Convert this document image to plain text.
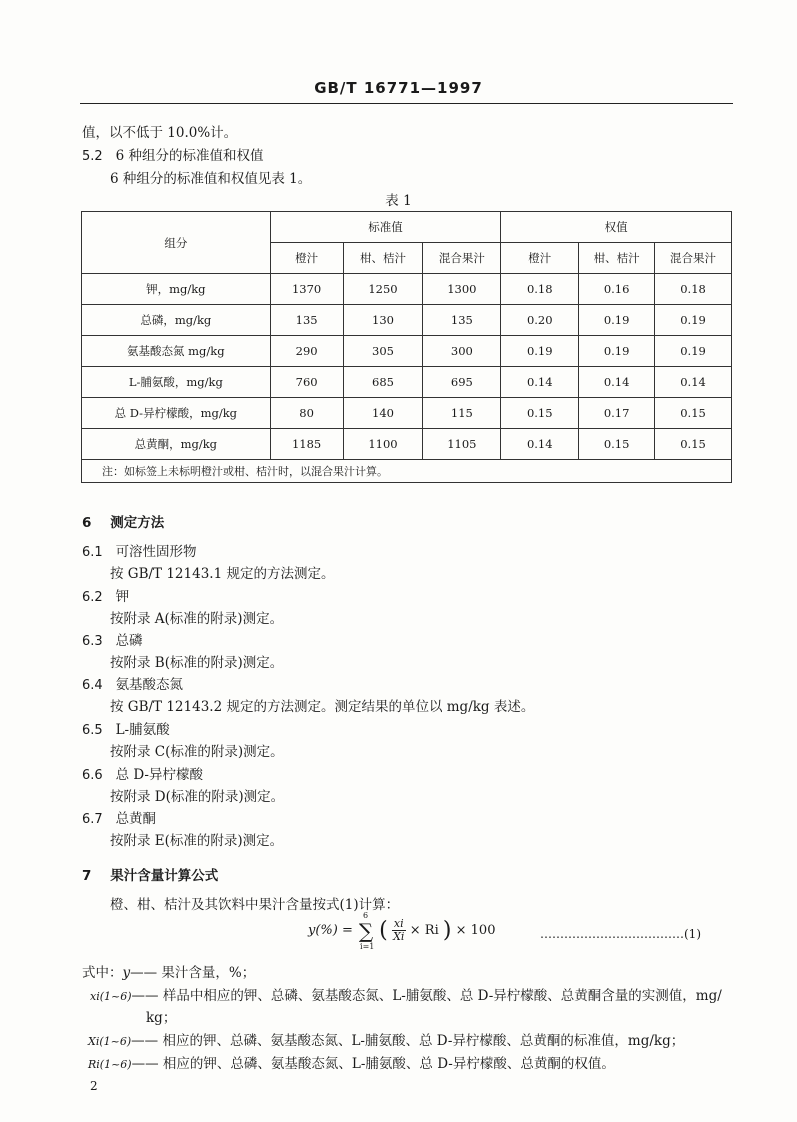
GB/T 16771—1997
值，以不低于 10.0%计。
5.2 6 种组分的标准值和权值
6 种组分的标准值和权值见表 1。
表 1
组分	标准值			权值		
	橙汁	柑、桔汁	混合果汁	橙汁	柑、桔汁	混合果汁
钾，mg/kg	1370	1250	1300	0.18	0.16	0.18
总磷，mg/kg	135	130	135	0.20	0.19	0.19
氨基酸态氮 mg/kg	290	305	300	0.19	0.19	0.19
L-脯氨酸，mg/kg	760	685	695	0.14	0.14	0.14
总 D-异柠檬酸，mg/kg	80	140	115	0.15	0.17	0.15
总黄酮，mg/kg	1185	1100	1105	0.14	0.15	0.15
注：如标签上未标明橙汁或柑、桔汁时，以混合果汁计算。						
6 测定方法
6.1 可溶性固形物
按 GB/T 12143.1 规定的方法测定。
6.2 钾
按附录 A(标准的附录)测定。
6.3 总磷
按附录 B(标准的附录)测定。
6.4 氨基酸态氮
按 GB/T 12143.2 规定的方法测定。测定结果的单位以 mg/kg 表述。
6.5 L-脯氨酸
按附录 C(标准的附录)测定。
6.6 总 D-异柠檬酸
按附录 D(标准的附录)测定。
6.7 总黄酮
按附录 E(标准的附录)测定。
7 果汁含量计算公式
橙、柑、桔汁及其饮料中果汁含量按式(1)计算：
y(%) = ∑
6
i=1
( $\frac{xi}{Xi} \times Ri$ ) × 100	………………………………(1)
式中：y—— 果汁含量，%；
xi(1~6)—— 样品中相应的钾、总磷、氨基酸态氮、L-脯氨酸、总 D-异柠檬酸、总黄酮含量的实测值，mg/
kg；
Xi(1~6)—— 相应的钾、总磷、氨基酸态氮、L-脯氨酸、总 D-异柠檬酸、总黄酮的标准值，mg/kg；
Ri(1~6)—— 相应的钾、总磷、氨基酸态氮、L-脯氨酸、总 D-异柠檬酸、总黄酮的权值。
2
